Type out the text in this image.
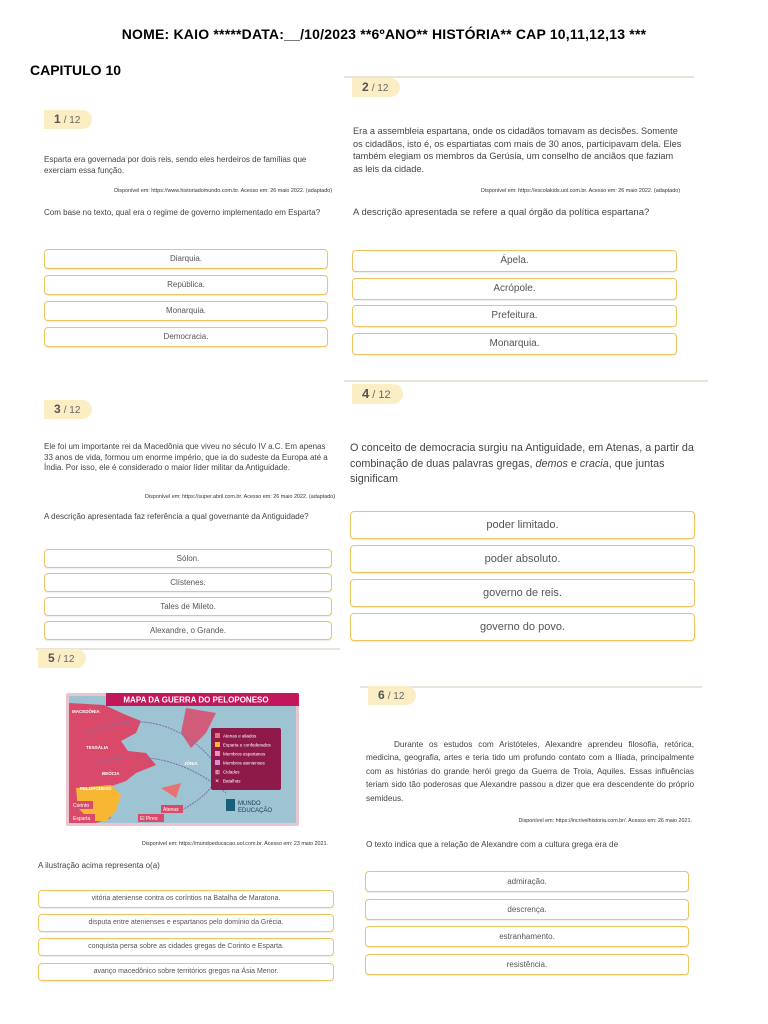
NOME: KAIO *****DATA:__/10/2023 **6ºANO** HISTÓRIA** CAP 10,11,12,13 ***
CAPITULO 10
1 / 12
Esparta era governada por dois reis, sendo eles herdeiros de famílias que exerciam essa função.
Disponível em: https://www.historiadomundo.com.br. Acesso em: 26 maio 2022. (adaptado)
Com base no texto, qual era o regime de governo implementado em Esparta?
Diarquia.
República.
Monarquia.
Democracia.
2 / 12
Era a assembleia espartana, onde os cidadãos tomavam as decisões. Somente os cidadãos, isto é, os espartiatas com mais de 30 anos, participavam dela. Eles também elegiam os membros da Gerúsia, um conselho de anciãos que faziam as leis da cidade.
Disponível em: https://escolakids.uol.com.br. Acesso em: 26 maio 2022. (adaptado)
A descrição apresentada se refere a qual órgão da política espartana?
Ápela.
Acrópole.
Prefeitura.
Monarquia.
3 / 12
Ele foi um importante rei da Macedônia que viveu no século IV a.C. Em apenas 33 anos de vida, formou um enorme império, que ia do sudeste da Europa até a Índia. Por isso, ele é considerado o maior líder militar da Antiguidade.
Disponível em: https://super.abril.com.br. Acesso em: 26 maio 2022. (adaptado)
A descrição apresentada faz referência a qual governante da Antiguidade?
Sólon.
Clístenes.
Tales de Mileto.
Alexandre, o Grande.
4 / 12
O conceito de democracia surgiu na Antiguidade, em Atenas, a partir da combinação de duas palavras gregas, demos e cracia, que juntas significam
poder limitado.
poder absoluto.
governo de reis.
governo do povo.
5 / 12
MAPA DA GUERRA DO PELOPONESO
MACEDÔNIA
TESSÁLIA
BEÓCIA
PELOPONESO
JÔNIA
Corinto
Esparta
Atenas
El Pireo
Atenas e aliados
Esparta e confederados
Membros espartanos
Membros atenienses
▥ Cidades
✕ Batalhas
MUNDO
EDUCAÇÃO
Disponível em: https://mundoeducacao.uol.com.br. Acesso em: 23 maio 2021.
A ilustração acima representa o(a)
vitória ateniense contra os coríntios na Batalha de Maratona.
disputa entre atenienses e espartanos pelo domínio da Grécia.
conquista persa sobre as cidades gregas de Corinto e Esparta.
avanço macedônico sobre territórios gregos na Ásia Menor.
6 / 12
Durante os estudos com Aristóteles, Alexandre aprendeu filosofia, retórica, medicina, geografia, artes e teria tido um profundo contato com a Ilíada, principalmente com as histórias do grande herói grego da Guerra de Troia, Aquiles. Essas influências teriam sido tão poderosas que Alexandre passou a dizer que era descendente do próprio semideus.
Disponível em: https://incrivelhistoria.com.br/. Acesso em: 26 maio 2021.
O texto indica que a relação de Alexandre com a cultura grega era de
admiração.
descrença.
estranhamento.
resistência.
